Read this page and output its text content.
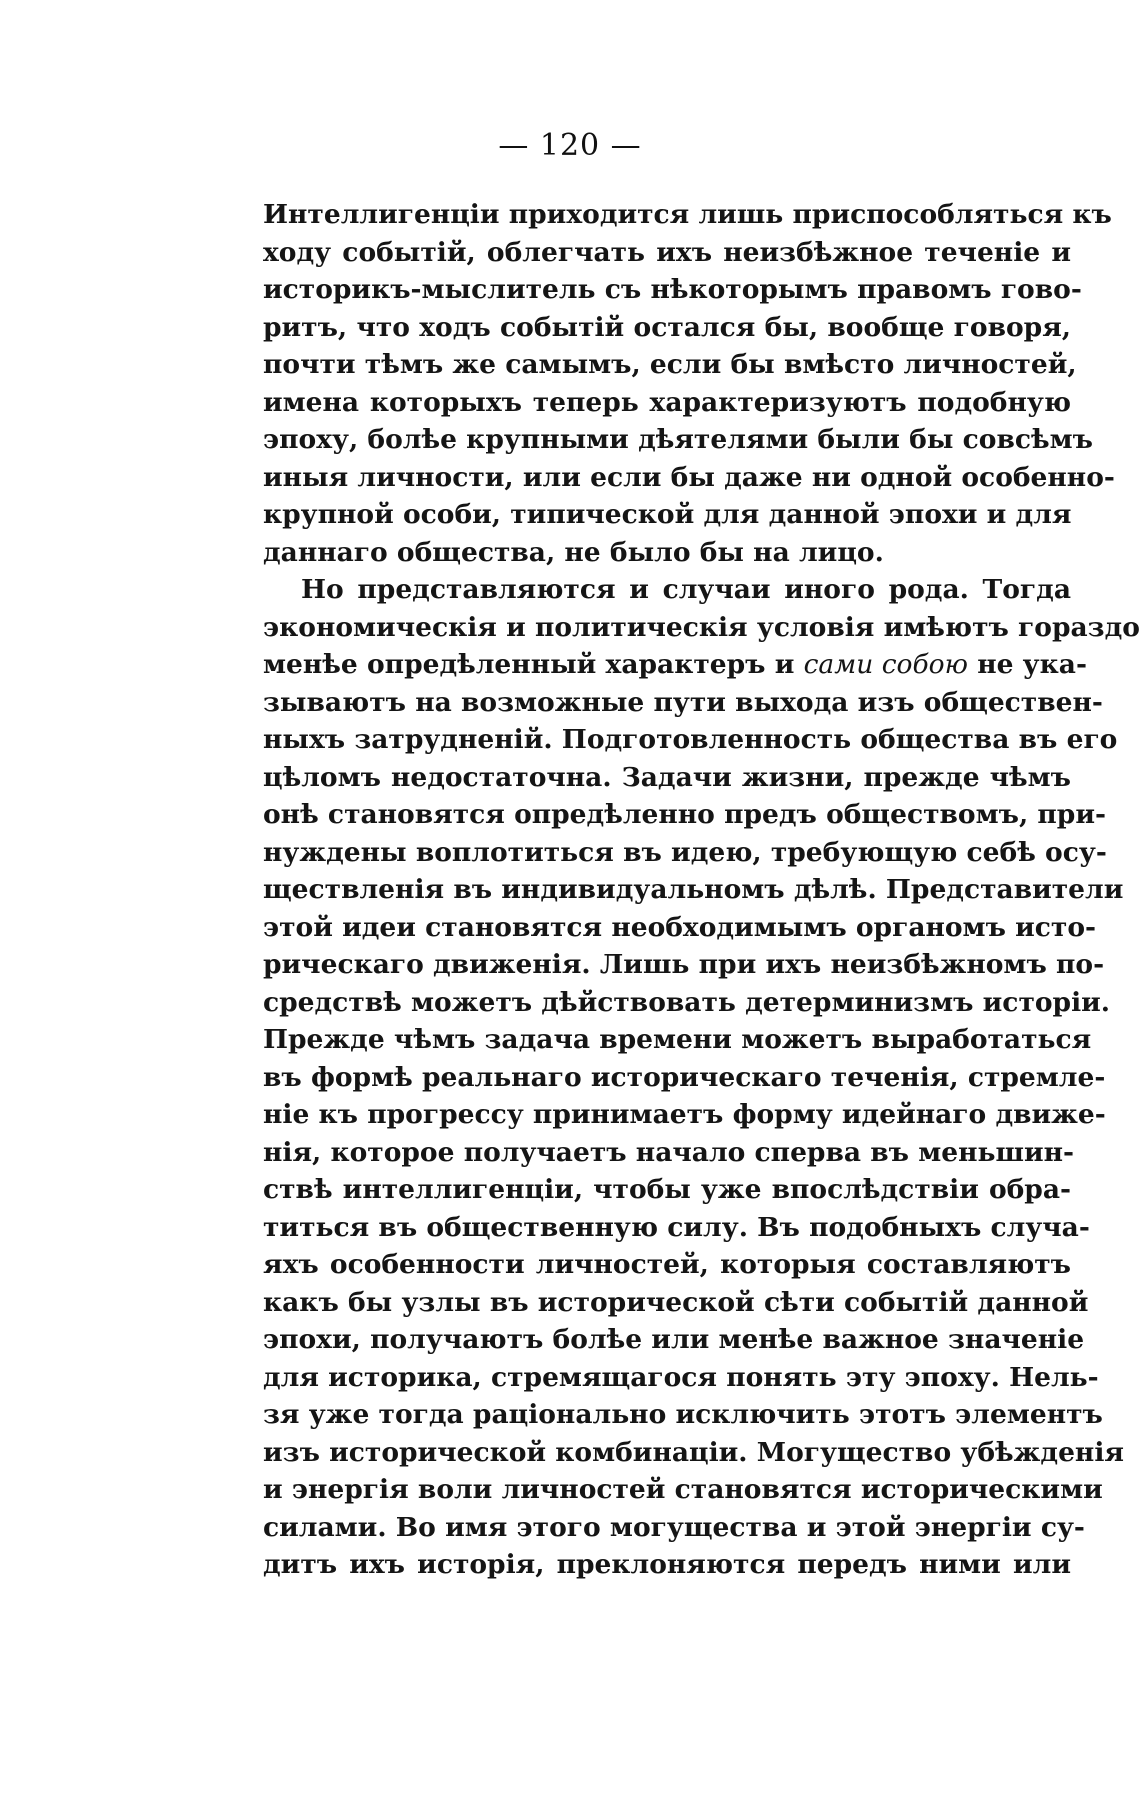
— 120 —
Интеллигенціи приходится лишь приспособляться къ
ходу событій, облегчать ихъ неизбѣжное теченіе и
историкъ-мыслитель съ нѣкоторымъ правомъ гово-
ритъ, что ходъ событій остался бы, вообще говоря,
почти тѣмъ же самымъ, если бы вмѣсто личностей,
имена которыхъ теперь характеризуютъ подобную
эпоху, болѣе крупными дѣятелями были бы совсѣмъ
иныя личности, или если бы даже ни одной особенно-
крупной особи, типической для данной эпохи и для
даннаго общества, не было бы на лицо.
Но представляются и случаи иного рода. Тогда
экономическія и политическія условія имѣютъ гораздо
менѣе опредѣленный характеръ и сами собою не ука-
зываютъ на возможные пути выхода изъ обществен-
ныхъ затрудненій. Подготовленность общества въ его
цѣломъ недостаточна. Задачи жизни, прежде чѣмъ
онѣ становятся опредѣленно предъ обществомъ, при-
нуждены воплотиться въ идею, требующую себѣ осу-
ществленія въ индивидуальномъ дѣлѣ. Представители
этой идеи становятся необходимымъ органомъ исто-
рическаго движенія. Лишь при ихъ неизбѣжномъ по-
средствѣ можетъ дѣйствовать детерминизмъ исторіи.
Прежде чѣмъ задача времени можетъ выработаться
въ формѣ реальнаго историческаго теченія, стремле-
ніе къ прогрессу принимаетъ форму идейнаго движе-
нія, которое получаетъ начало сперва въ меньшин-
ствѣ интеллигенціи, чтобы уже впослѣдствіи обра-
титься въ общественную силу. Въ подобныхъ случа-
яхъ особенности личностей, которыя составляютъ
какъ бы узлы въ исторической сѣти событій данной
эпохи, получаютъ болѣе или менѣе важное значеніе
для историка, стремящагося понять эту эпоху. Нель-
зя уже тогда раціонально исключить этотъ элементъ
изъ исторической комбинаціи. Могущество убѣжденія
и энергія воли личностей становятся историческими
силами. Во имя этого могущества и этой энергіи су-
дитъ ихъ исторія, преклоняются передъ ними или
